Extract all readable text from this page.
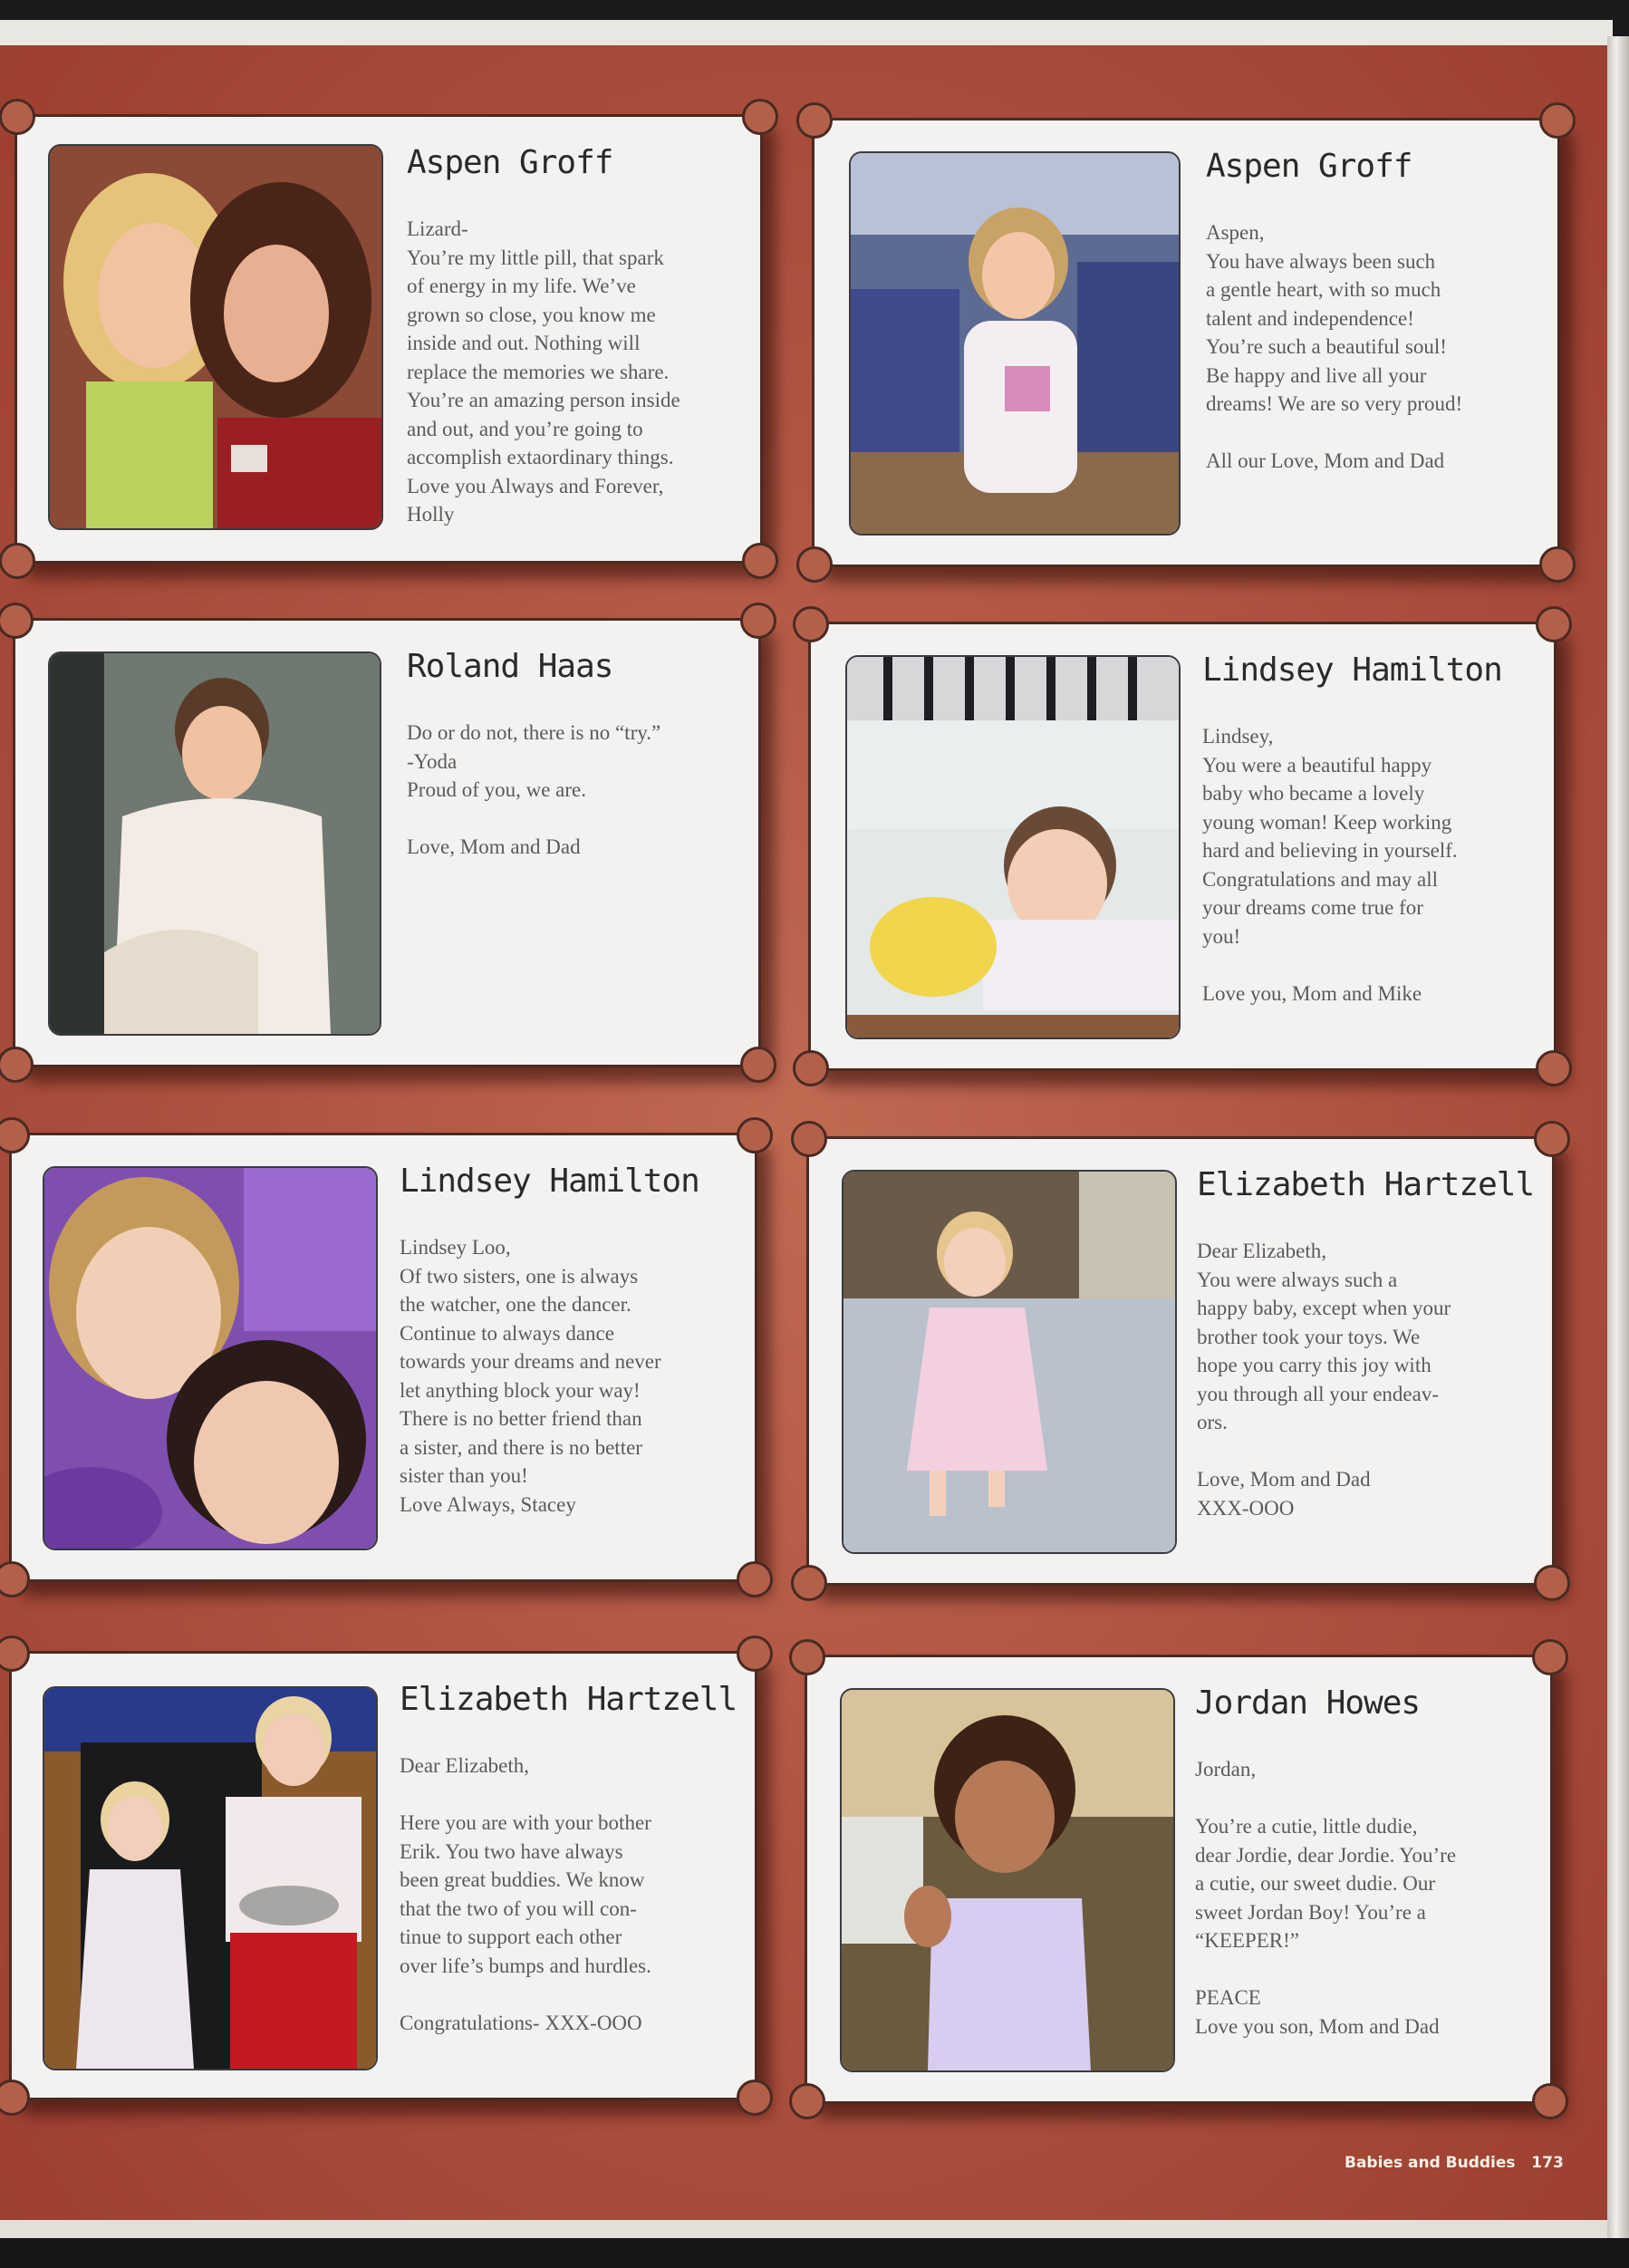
Aspen Groff
Lizard-
You’re my little pill, that spark
of energy in my life. We’ve
grown so close, you know me
inside and out. Nothing will
replace the memories we share.
You’re an amazing person inside
and out, and you’re going to
accomplish extaordinary things.
Love you Always and Forever,
Holly
Aspen Groff
Aspen,
You have always been such
a gentle heart, with so much
talent and independence!
You’re such a beautiful soul!
Be happy and live all your
dreams! We are so very proud!

All our Love, Mom and Dad
Roland Haas
Do or do not, there is no “try.”
-Yoda
Proud of you, we are.

Love, Mom and Dad
Lindsey Hamilton
Lindsey,
You were a beautiful happy
baby who became a lovely
young woman! Keep working
hard and believing in yourself.
Congratulations and may all
your dreams come true for
you!

Love you, Mom and Mike
Lindsey Hamilton
Lindsey Loo,
Of two sisters, one is always
the watcher, one the dancer.
Continue to always dance
towards your dreams and never
let anything block your way!
There is no better friend than
a sister, and there is no better
sister than you!
Love Always, Stacey
Elizabeth Hartzell
Dear Elizabeth,
You were always such a
happy baby, except when your
brother took your toys. We
hope you carry this joy with
you through all your endeav-
ors.

Love, Mom and Dad
XXX-OOO
Elizabeth Hartzell
Dear Elizabeth,

Here you are with your bother
Erik. You two have always
been great buddies. We know
that the two of you will con-
tinue to support each other
over life’s bumps and hurdles.

Congratulations- XXX-OOO
Jordan Howes
Jordan,

You’re a cutie, little dudie,
dear Jordie, dear Jordie. You’re
a cutie, our sweet dudie. Our
sweet Jordan Boy! You’re a
“KEEPER!”

PEACE
Love you son, Mom and Dad
Babies and Buddies 173
